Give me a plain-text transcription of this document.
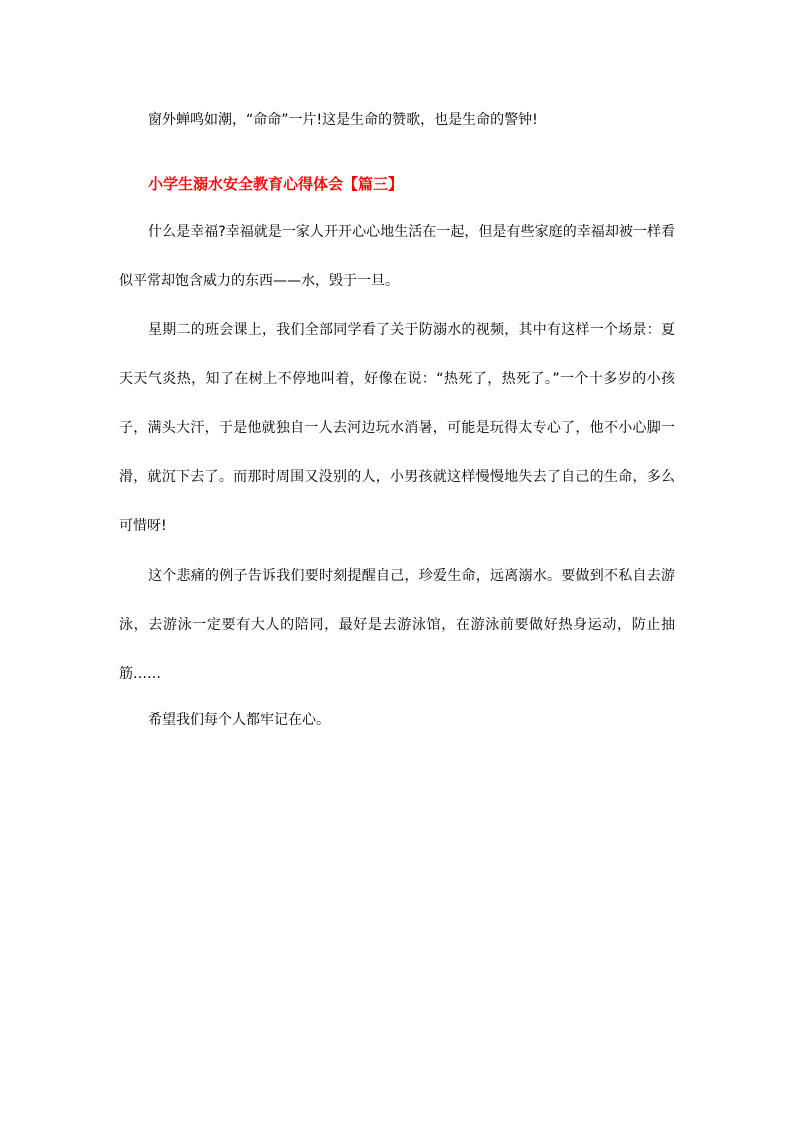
窗外蝉鸣如潮，“命命”一片!这是生命的赞歌，也是生命的警钟!

小学生溺水安全教育心得体会【篇三】

什么是幸福?幸福就是一家人开开心心地生活在一起，但是有些家庭的幸福却被一样看似平常却饱含威力的东西——水，毁于一旦。

星期二的班会课上，我们全部同学看了关于防溺水的视频，其中有这样一个场景：夏天天气炎热，知了在树上不停地叫着，好像在说：“热死了，热死了。”一个十多岁的小孩子，满头大汗，于是他就独自一人去河边玩水消暑，可能是玩得太专心了，他不小心脚一滑，就沉下去了。而那时周围又没别的人，小男孩就这样慢慢地失去了自己的生命，多么可惜呀!

这个悲痛的例子告诉我们要时刻提醒自己，珍爱生命，远离溺水。要做到不私自去游泳，去游泳一定要有大人的陪同，最好是去游泳馆，在游泳前要做好热身运动，防止抽筋……

希望我们每个人都牢记在心。
